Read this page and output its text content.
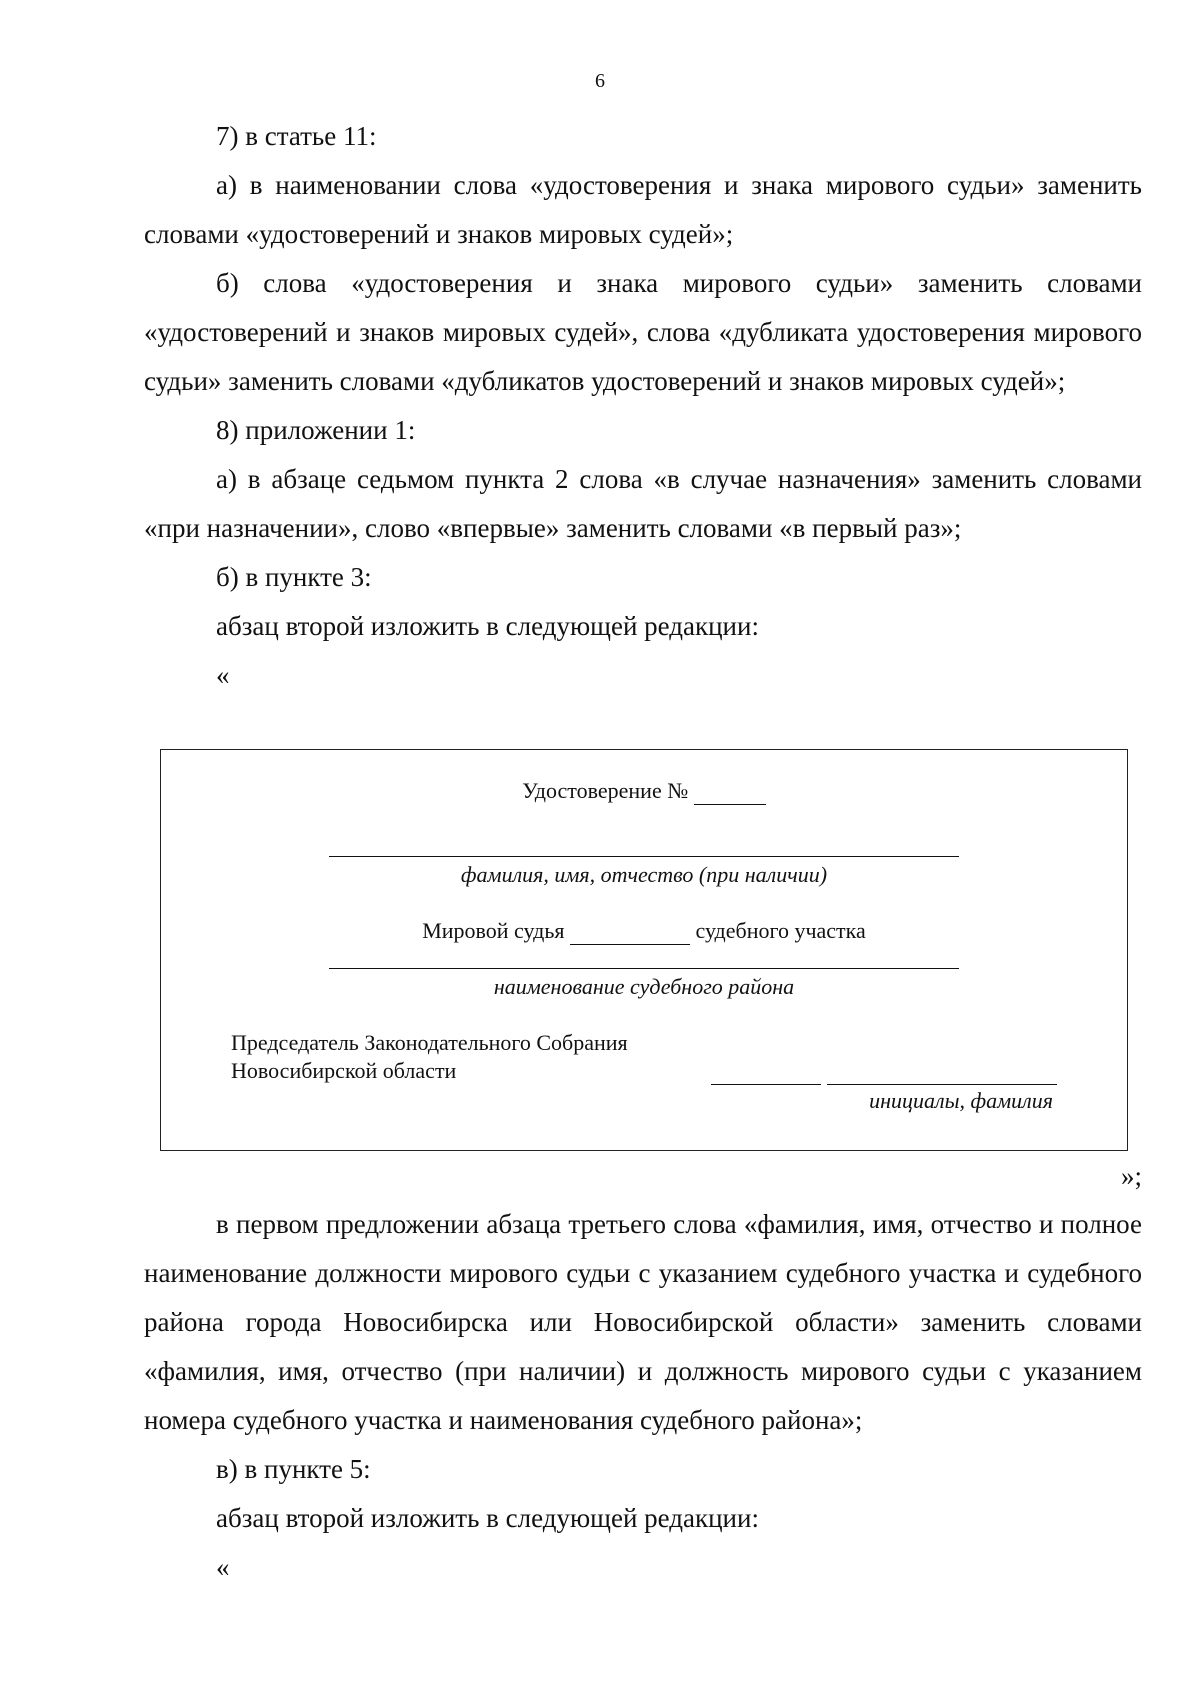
6

7) в статье 11:

а) в наименовании слова «удостоверения и знака мирового судьи» заменить словами «удостоверений и знаков мировых судей»;

б) слова «удостоверения и знака мирового судьи» заменить словами «удостоверений и знаков мировых судей», слова «дубликата удостоверения мирового судьи» заменить словами «дубликатов удостоверений и знаков мировых судей»;

8) приложении 1:

а) в абзаце седьмом пункта 2 слова «в случае назначения» заменить словами «при назначении», слово «впервые» заменить словами «в первый раз»;

б) в пункте 3:

абзац второй изложить в следующей редакции:

«

Удостоверение №
фамилия, имя, отчество (при наличии)
Мировой судья	судебного участка
наименование судебного района
Председатель Законодательного Собрания
Новосибирской области
инициалы, фамилия
»;

в первом предложении абзаца третьего слова «фамилия, имя, отчество и полное наименование должности мирового судьи с указанием судебного участка и судебного района города Новосибирска или Новосибирской области» заменить словами «фамилия, имя, отчество (при наличии) и должность мирового судьи с указанием номера судебного участка и наименования судебного района»;

в) в пункте 5:

абзац второй изложить в следующей редакции:

«
